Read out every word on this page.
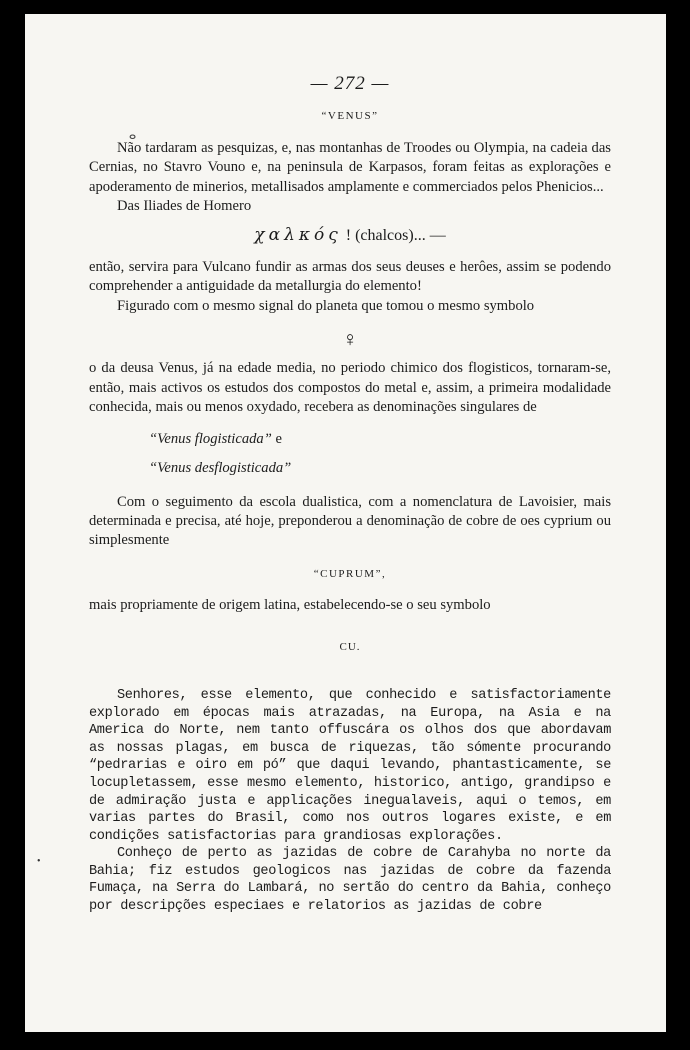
— 272 —
“VENUS”
ⴰ

Não tardaram as pesquizas, e, nas montanhas de Troodes ou Olympia, na cadeia das Cernias, no Stavro Vouno e, na peninsula de Karpasos, foram feitas as explorações e apoderamento de minerios, metallisados amplamente e commerciados pelos Phenicios...

Das Iliades de Homero

χαλκός ! (chalcos)... —

então, servira para Vulcano fundir as armas dos seus deuses e herôes, assim se podendo comprehender a antiguidade da metallurgia do elemento!

Figurado com o mesmo signal do planeta que tomou o mesmo symbolo

♀

o da deusa Venus, já na edade media, no periodo chimico dos flogisticos, tornaram-se, então, mais activos os estudos dos compostos do metal e, assim, a primeira modalidade conhecida, mais ou menos oxydado, recebera as denominações singulares de

“Venus flogisticada” e
“Venus desflogisticada”

Com o seguimento da escola dualistica, com a nomenclatura de Lavoisier, mais determinada e precisa, até hoje, preponderou a denominação de cobre de oes cyprium ou simplesmente

“CUPRUM”,

mais propriamente de origem latina, estabelecendo-se o seu symbolo

CU.

Senhores, esse elemento, que conhecido e satisfactoriamente explorado em épocas mais atrazadas, na Europa, na Asia e na America do Norte, nem tanto offuscára os olhos dos que abordavam as nossas plagas, em busca de riquezas, tão sómente procurando “pedrarias e oiro em pó” que daqui levando, phantasticamente, se locupletassem, esse mesmo elemento, historico, antigo, grandipso e de admiração justa e applicações inegualaveis, aqui o temos, em varias partes do Brasil, como nos outros logares existe, e em condições satisfactorias para grandiosas explorações.

Conheço de perto as jazidas de cobre de Carahyba no norte da Bahia; fiz estudos geologicos nas jazidas de cobre da fazenda Fumaça, na Serra do Lambará, no sertão do centro da Bahia, conheço por descripções especiaes e relatorios as jazidas de cobre

•
